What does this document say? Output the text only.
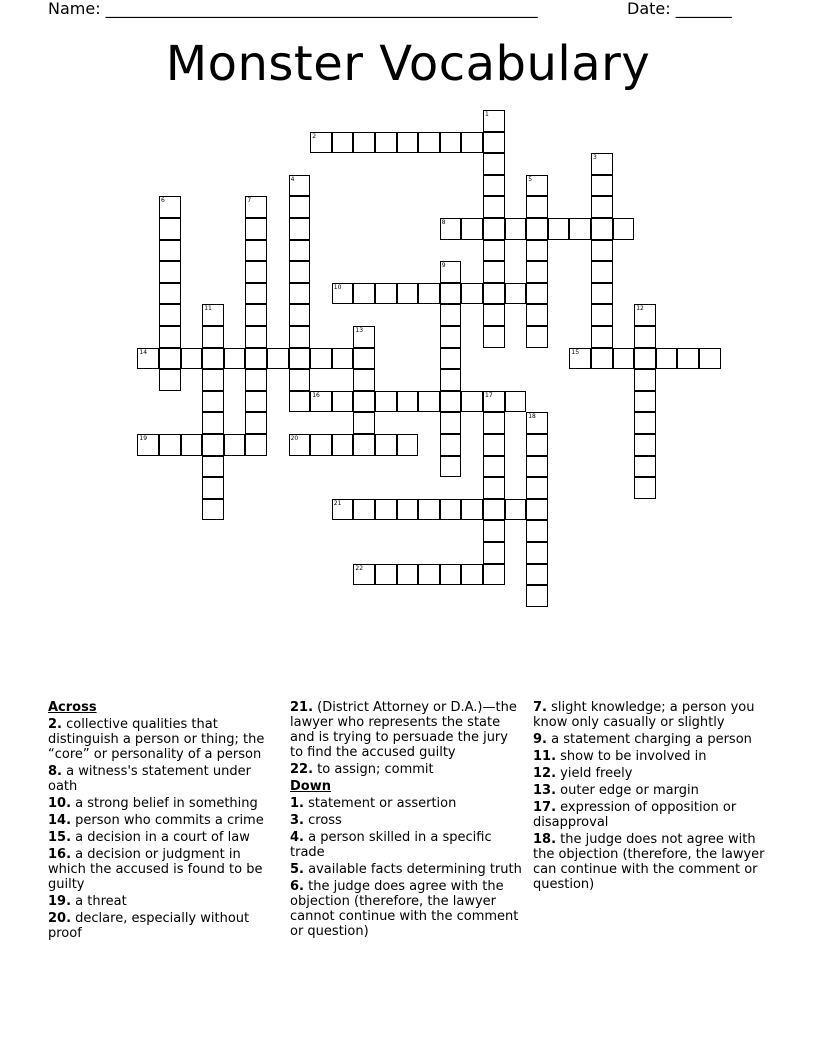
Name: ______________________________________________________	Date: _______
Monster Vocabulary
2
8
10
14	15
16	17
19	20
21
22
1
3
4	5
6	7
9
11	12
13
18
Across
2. collective qualities that distinguish a person or thing; the “core” or personality of a person
8. a witness's statement under oath
10. a strong belief in something
14. person who commits a crime
15. a decision in a court of law
16. a decision or judgment in which the accused is found to be guilty
19. a threat
20. declare, especially without proof
21. (District Attorney or D.A.)—the lawyer who represents the state and is trying to persuade the jury to find the accused guilty
22. to assign; commit
Down
1. statement or assertion
3. cross
4. a person skilled in a specific trade
5. available facts determining truth
6. the judge does agree with the objection (therefore, the lawyer cannot continue with the comment or question)
7. slight knowledge; a person you know only casually or slightly
9. a statement charging a person
11. show to be involved in
12. yield freely
13. outer edge or margin
17. expression of opposition or disapproval
18. the judge does not agree with the objection (therefore, the lawyer can continue with the comment or question)
